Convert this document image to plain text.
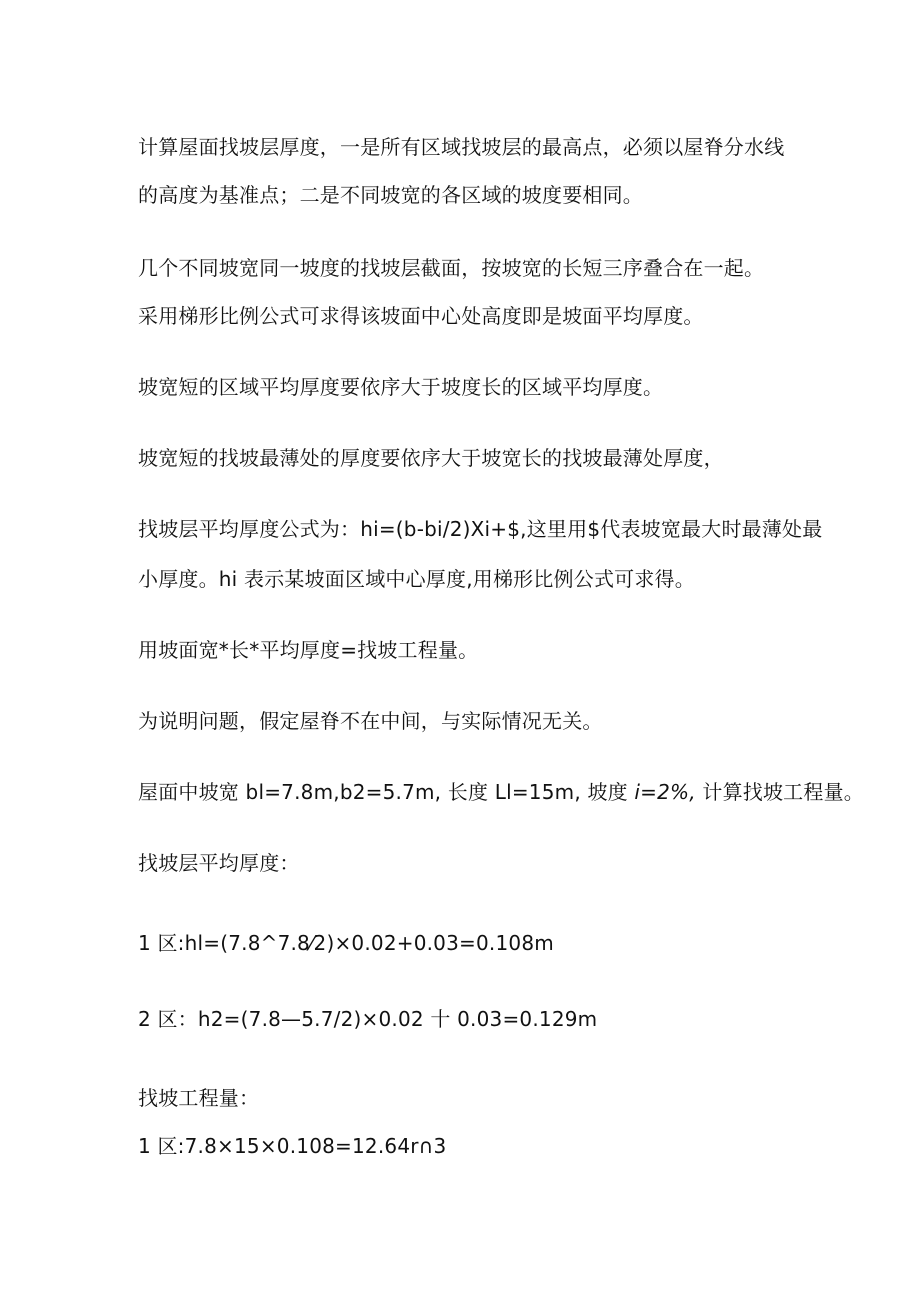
计算屋面找坡层厚度，一是所有区域找坡层的最高点，必须以屋脊分水线
的高度为基准点；二是不同坡宽的各区域的坡度要相同。
几个不同坡宽同一坡度的找坡层截面，按坡宽的长短三序叠合在一起。
采用梯形比例公式可求得该坡面中心处高度即是坡面平均厚度。
坡宽短的区域平均厚度要依序大于坡度长的区域平均厚度。
坡宽短的找坡最薄处的厚度要依序大于坡宽长的找坡最薄处厚度，
找坡层平均厚度公式为：hi=(b-bi/2)Xi+$,这里用$代表坡宽最大时最薄处最
小厚度。hi 表示某坡面区域中心厚度,用梯形比例公式可求得。
用坡面宽*长*平均厚度=找坡工程量。
为说明问题，假定屋脊不在中间，与实际情况无关。
屋面中坡宽 bl=7.8m,b2=5.7m, 长度 Ll=15m, 坡度 i=2%, 计算找坡工程量。
找坡层平均厚度：
1 区:hl=(7.8^7.8⁄2)×0.02+0.03=0.108m
2 区：h2=(7.8—5.7/2)×0.02 十 0.03=0.129m
找坡工程量：
1 区:7.8×15×0.108=12.64r∩3
